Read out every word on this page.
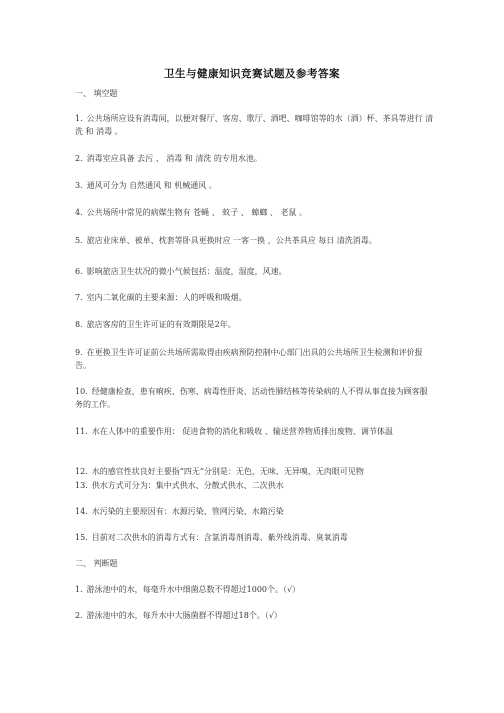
卫生与健康知识竞赛试题及参考答案
一、 填空题
1. 公共场所应设有消毒间，以便对餐厅、客房、歌厅、酒吧、咖啡馆等的水（酒）杯、茶具等进行 清洗 和 消毒 。
2. 消毒室应具备 去污 、 消毒 和 清洗 的专用水池。
3. 通风可分为 自然通风 和 机械通风 。
4. 公共场所中常见的病媒生物有 苍蝇 、 蚊子 、 蟑螂 、 老鼠 。
5. 旅店业床单、被单、枕套等卧具更换时应 一客一换 ，公共茶具应 每日 清洗消毒。
6. 影响旅店卫生状况的微小气候包括：温度，湿度，风速。
7. 室内二氧化碳的主要来源：人的呼吸和吸烟。
8. 旅店客房的卫生许可证的有效期限是2年。
9. 在更换卫生许可证前公共场所需取得由疾病预防控制中心部门出具的公共场所卫生检测和评价报告。
10. 经健康检查，患有痢疾、伤寒、病毒性肝炎、活动性肺结核等传染病的人不得从事直接为顾客服务的工作。
11. 水在人体中的重要作用： 促进食物的消化和吸收 、输送营养物质排出废物、调节体温
12. 水的感官性状良好主要指“四无”分别是：无色、无味、无异嗅、无肉眼可见物
13. 供水方式可分为：集中式供水、分散式供水、二次供水
14. 水污染的主要原因有：水源污染、管网污染、水箱污染
15. 目前对二次供水的消毒方式有：含氯消毒剂消毒、紫外线消毒、臭氧消毒
二、 判断题
1. 游泳池中的水，每毫升水中细菌总数不得超过1000个。（√）
2. 游泳池中的水，每升水中大肠菌群不得超过18个。（√）
